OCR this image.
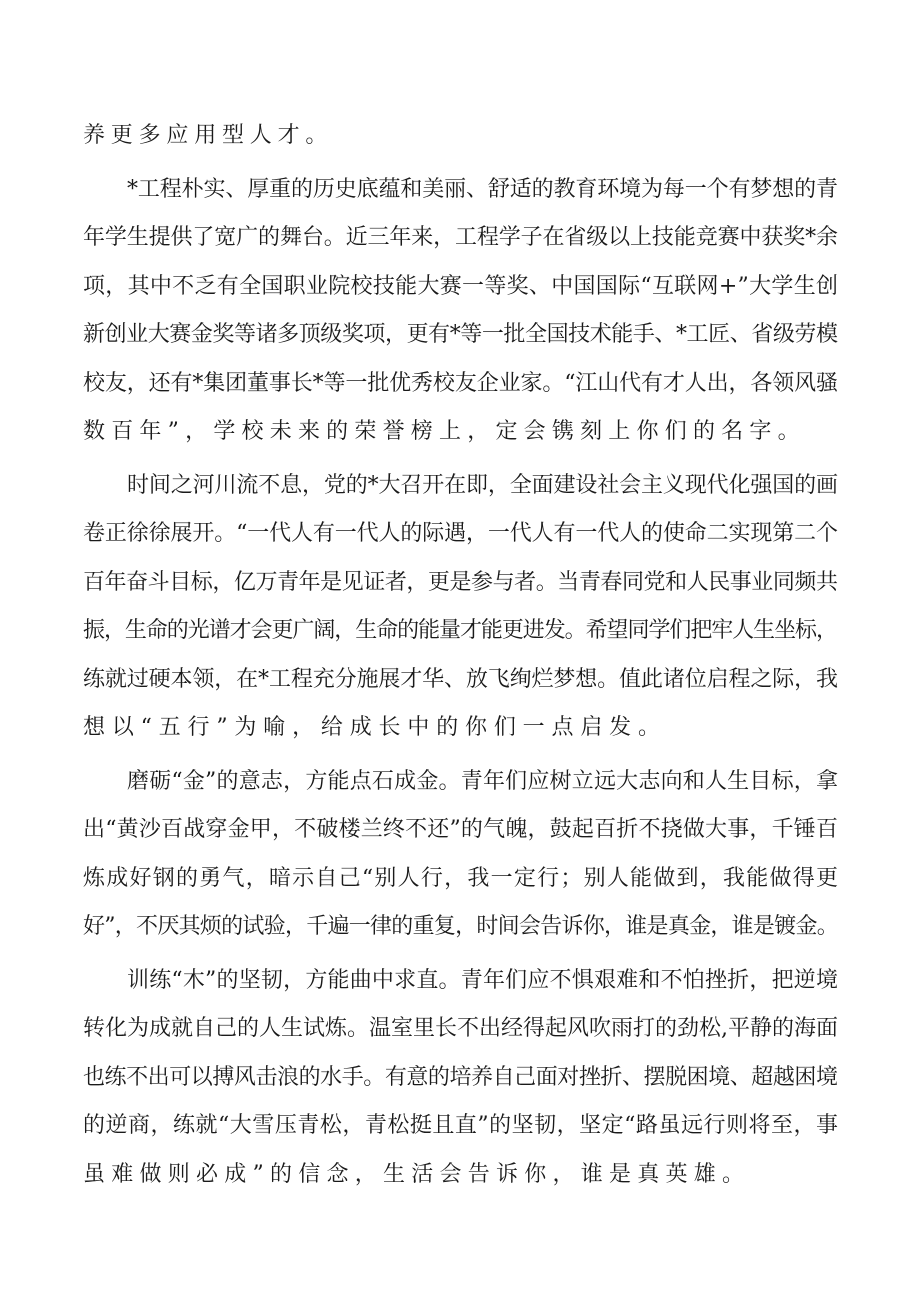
养更多应用型人才。
*工程朴实、厚重的历史底蕴和美丽、舒适的教育环境为每一个有梦想的青
年学生提供了宽广的舞台。近三年来，工程学子在省级以上技能竞赛中获奖*余
项，其中不乏有全国职业院校技能大赛一等奖、中国国际“互联网+”大学生创
新创业大赛金奖等诸多顶级奖项，更有*等一批全国技术能手、*工匠、省级劳模
校友，还有*集团董事长*等一批优秀校友企业家。“江山代有才人出，各领风骚
数百年”，学校未来的荣誉榜上，定会镌刻上你们的名字。
时间之河川流不息，党的*大召开在即，全面建设社会主义现代化强国的画
卷正徐徐展开。“一代人有一代人的际遇，一代人有一代人的使命二实现第二个
百年奋斗目标，亿万青年是见证者，更是参与者。当青春同党和人民事业同频共
振，生命的光谱才会更广阔，生命的能量才能更进发。希望同学们把牢人生坐标，
练就过硬本领，在*工程充分施展才华、放飞绚烂梦想。值此诸位启程之际，我
想以“五行”为喻，给成长中的你们一点启发。
磨砺“金”的意志，方能点石成金。青年们应树立远大志向和人生目标，拿
出“黄沙百战穿金甲，不破楼兰终不还”的气魄，鼓起百折不挠做大事，千锤百
炼成好钢的勇气，暗示自己“别人行，我一定行；别人能做到，我能做得更
好”，不厌其烦的试验，千遍一律的重复，时间会告诉你，谁是真金，谁是镀金。
训练“木”的坚韧，方能曲中求直。青年们应不惧艰难和不怕挫折，把逆境
转化为成就自己的人生试炼。温室里长不出经得起风吹雨打的劲松,平静的海面
也练不出可以搏风击浪的水手。有意的培养自己面对挫折、摆脱困境、超越困境
的逆商，练就“大雪压青松，青松挺且直”的坚韧，坚定“路虽远行则将至，事
虽难做则必成”的信念，生活会告诉你，谁是真英雄。
